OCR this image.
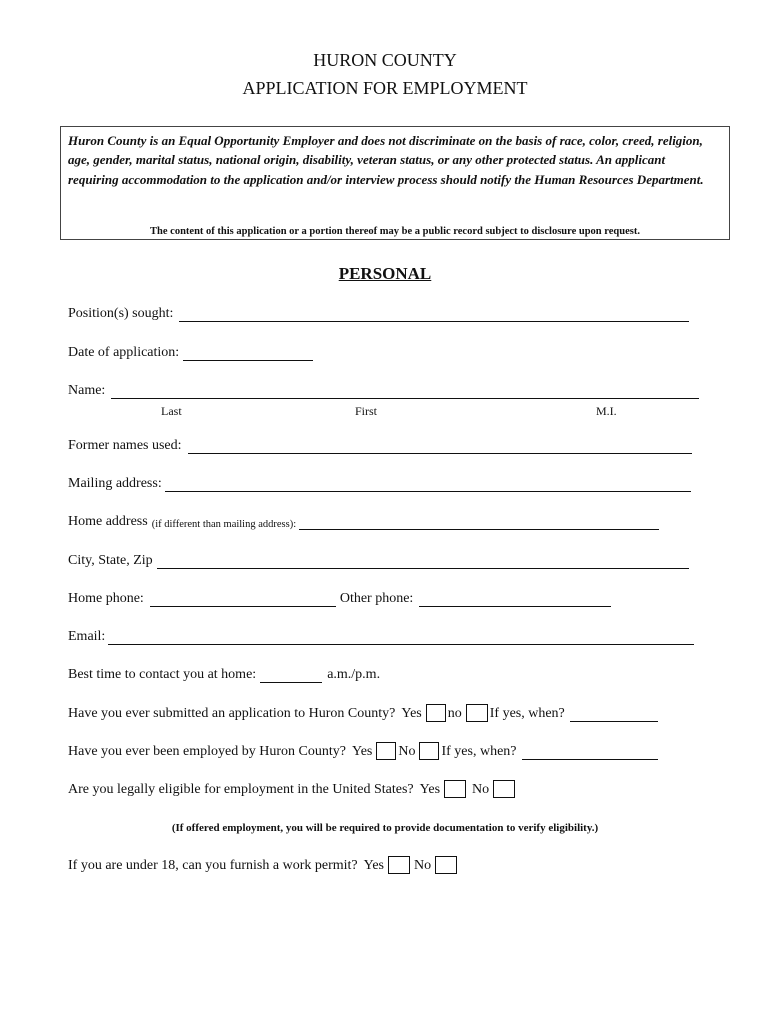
HURON COUNTY
APPLICATION FOR EMPLOYMENT
Huron County is an Equal Opportunity Employer and does not discriminate on the basis of race, color, creed, religion, age, gender, marital status, national origin, disability, veteran status, or any other protected status. An applicant requiring accommodation to the application and/or interview process should notify the Human Resources Department.
The content of this application or a portion thereof may be a public record subject to disclosure upon request.
PERSONAL
Position(s) sought:
Date of application:
Name:
Last	First	M.I.
Former names used:
Mailing address:
Home address (if different than mailing address):
City, State, Zip
Home phone:	Other phone:
Email:
Best time to contact you at home:	a.m./p.m.
Have you ever submitted an application to Huron County? Yes no If yes, when?
Have you ever been employed by Huron County? Yes No If yes, when?
Are you legally eligible for employment in the United States? Yes No
(If offered employment, you will be required to provide documentation to verify eligibility.)
If you are under 18, can you furnish a work permit? Yes No
